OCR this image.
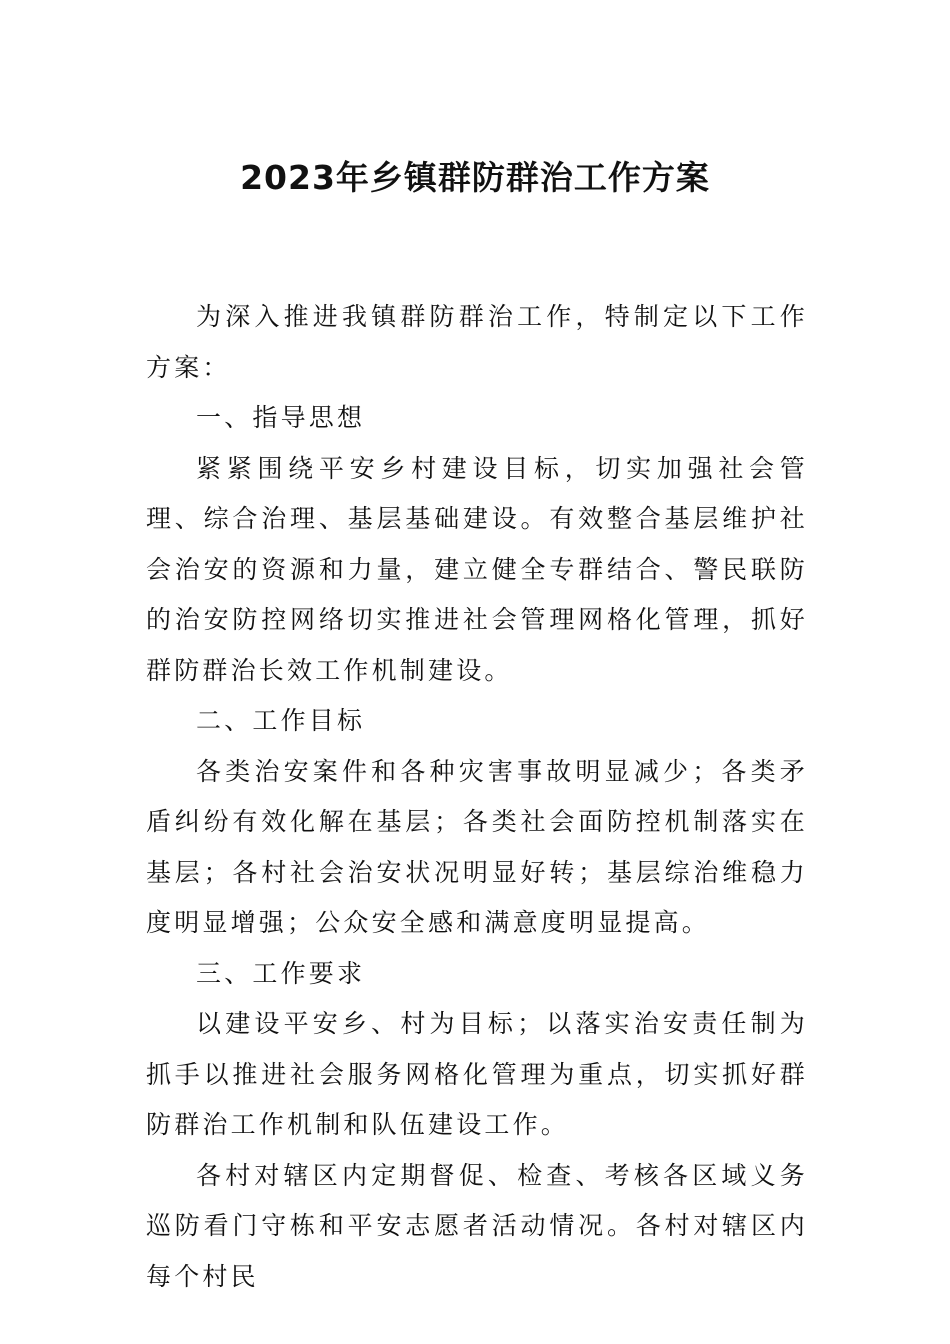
2023年乡镇群防群治工作方案

为深入推进我镇群防群治工作，特制定以下工作方案：

一、指导思想

紧紧围绕平安乡村建设目标，切实加强社会管理、综合治理、基层基础建设。有效整合基层维护社会治安的资源和力量，建立健全专群结合、警民联防的治安防控网络切实推进社会管理网格化管理，抓好群防群治长效工作机制建设。

二、工作目标

各类治安案件和各种灾害事故明显减少；各类矛盾纠纷有效化解在基层；各类社会面防控机制落实在基层；各村社会治安状况明显好转；基层综治维稳力度明显增强；公众安全感和满意度明显提高。

三、工作要求

以建设平安乡、村为目标；以落实治安责任制为抓手以推进社会服务网格化管理为重点，切实抓好群防群治工作机制和队伍建设工作。

各村对辖区内定期督促、检查、考核各区域义务巡防看门守栋和平安志愿者活动情况。各村对辖区内每个村民
